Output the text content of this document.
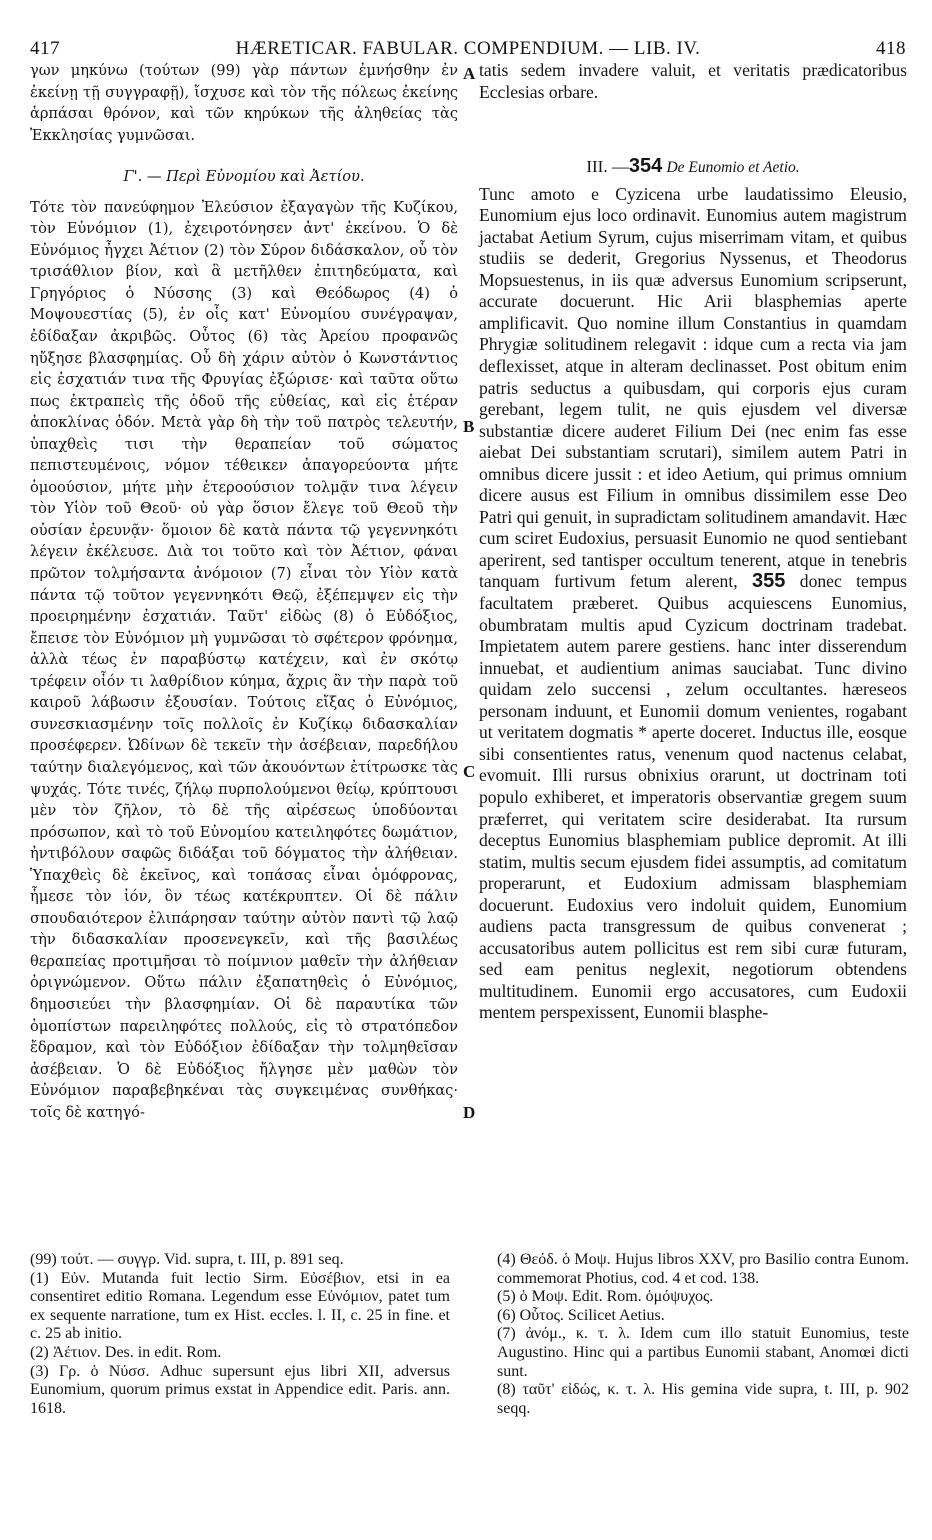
417	HÆRETICAR. FABULAR. COMPENDIUM. — LIB. IV.	418

γων μηκύνω (τούτων (99) γὰρ πάντων ἐμνήσθην ἐν ἐκείνῃ τῇ συγγραφῇ), ἴσχυσε καὶ τὸν τῆς πόλεως ἐκείνης ἁρπάσαι θρόνον, καὶ τῶν κηρύκων τῆς ἀληθείας τὰς Ἐκκλησίας γυμνῶσαι.

Γ'. — Περὶ Εὐνομίου καὶ Ἀετίου.

Τότε τὸν πανεύφημον Ἐλεύσιον ἐξαγαγὼν τῆς Κυζίκου, τὸν Εὐνόμιον (1), ἐχειροτόνησεν ἀντ' ἐκείνου. Ὁ δὲ Εὐνόμιος ἦγχει Ἀέτιον (2) τὸν Σύρον διδάσκαλον, οὗ τὸν τρισάθλιον βίον, καὶ ἃ μετῆλθεν ἐπιτηδεύματα, καὶ Γρηγόριος ὁ Νύσσης (3) καὶ Θεόδωρος (4) ὁ Μοψουεστίας (5), ἐν οἷς κατ' Εὐνομίου συνέγραψαν, ἐδίδαξαν ἀκριβῶς. Οὗτος (6) τὰς Ἀρείου προφανῶς ηὔξησε βλασφημίας. Οὗ δὴ χάριν αὐτὸν ὁ Κωνστάντιος εἰς ἐσχατιάν τινα τῆς Φρυγίας ἐξώρισε· καὶ ταῦτα οὕτω πως ἐκτραπεὶς τῆς ὁδοῦ τῆς εὐθείας, καὶ εἰς ἑτέραν ἀποκλίνας ὁδόν. Μετὰ γὰρ δὴ τὴν τοῦ πατρὸς τελευτήν, ὑπαχθεὶς τισι τὴν θεραπείαν τοῦ σώματος πεπιστευμένοις, νόμον τέθεικεν ἀπαγορεύοντα μήτε ὁμοούσιον, μήτε μὴν ἑτεροούσιον τολμᾷν τινα λέγειν τὸν Υἱὸν τοῦ Θεοῦ· οὐ γὰρ ὅσιον ἔλεγε τοῦ Θεοῦ τὴν οὐσίαν ἐρευνᾷν· ὅμοιον δὲ κατὰ πάντα τῷ γεγεννηκότι λέγειν ἐκέλευσε. Διὰ τοι τοῦτο καὶ τὸν Ἀέτιον, φάναι πρῶτον τολμήσαντα ἀνόμοιον (7) εἶναι τὸν Υἱὸν κατὰ πάντα τῷ τοῦτον γεγεννηκότι Θεῷ, ἐξέπεμψεν εἰς τὴν προειρημένην ἐσχατιάν. Ταῦτ' εἰδὼς (8) ὁ Εὐδόξιος, ἔπεισε τὸν Εὐνόμιον μὴ γυμνῶσαι τὸ σφέτερον φρόνημα, ἀλλὰ τέως ἐν παραβύστῳ κατέχειν, καὶ ἐν σκότῳ τρέφειν οἷόν τι λαθρίδιον κύημα, ἄχρις ἂν τὴν παρὰ τοῦ καιροῦ λάβωσιν ἐξουσίαν. Τούτοις εἴξας ὁ Εὐνόμιος, συνεσκιασμένην τοῖς πολλοῖς ἐν Κυζίκῳ διδασκαλίαν προσέφερεν. Ὠδίνων δὲ τεκεῖν τὴν ἀσέβειαν, παρεδήλου ταύτην διαλεγόμενος, καὶ τῶν ἀκουόντων ἐτίτρωσκε τὰς ψυχάς. Τότε τινές, ζήλῳ πυρπολούμενοι θείῳ, κρύπτουσι μὲν τὸν ζῆλον, τὸ δὲ τῆς αἱρέσεως ὑποδύονται πρόσωπον, καὶ τὸ τοῦ Εὐνομίου κατειληφότες δωμάτιον, ἠντιβόλουν σαφῶς διδάξαι τοῦ δόγματος τὴν ἀλήθειαν. Ὑπαχθεὶς δὲ ἐκεῖνος, καὶ τοπάσας εἶναι ὁμόφρονας, ἧμεσε τὸν ἰόν, ὃν τέως κατέκρυπτεν. Οἱ δὲ πάλιν σπουδαιότερον ἐλιπάρησαν ταύτην αὐτὸν παντὶ τῷ λαῷ τὴν διδασκαλίαν προσενεγκεῖν, καὶ τῆς βασιλέως θεραπείας προτιμῆσαι τὸ ποίμνιον μαθεῖν τὴν ἀλήθειαν ὀριγνώμενον. Οὕτω πάλιν ἐξαπατηθεὶς ὁ Εὐνόμιος, δημοσιεύει τὴν βλασφημίαν. Οἱ δὲ παραυτίκα τῶν ὁμοπίστων παρειληφότες πολλούς, εἰς τὸ στρατόπεδον ἔδραμον, καὶ τὸν Εὐδόξιον ἐδίδαξαν τὴν τολμηθεῖσαν ἀσέβειαν. Ὁ δὲ Εὐδόξιος ἤλγησε μὲν μαθὼν τὸν Εὐνόμιον παραβεβηκέναι τὰς συγκειμένας συνθήκας· τοῖς δὲ κατηγό-

tatis sedem invadere valuit, et veritatis prædicatoribus Ecclesias orbare.

III. —354 De Eunomio et Aetio.

Tunc amoto e Cyzicena urbe laudatissimo Eleusio, Eunomium ejus loco ordinavit. Eunomius autem magistrum jactabat Aetium Syrum, cujus miserrimam vitam, et quibus studiis se dederit, Gregorius Nyssenus, et Theodorus Mopsuestenus, in iis quæ adversus Eunomium scripserunt, accurate docuerunt. Hic Arii blasphemias aperte amplificavit. Quo nomine illum Constantius in quamdam Phrygiæ solitudinem relegavit : idque cum a recta via jam deflexisset, atque in alteram declinasset. Post obitum enim patris seductus a quibusdam, qui corporis ejus curam gerebant, legem tulit, ne quis ejusdem vel diversæ substantiæ dicere auderet Filium Dei (nec enim fas esse aiebat Dei substantiam scrutari), similem autem Patri in omnibus dicere jussit : et ideo Aetium, qui primus omnium dicere ausus est Filium in omnibus dissimilem esse Deo Patri qui genuit, in supradictam solitudinem amandavit. Hæc cum sciret Eudoxius, persuasit Eunomio ne quod sentiebant aperirent, sed tantisper occultum tenerent, atque in tenebris tanquam furtivum fetum alerent, 355 donec tempus facultatem præberet. Quibus acquiescens Eunomius, obumbratam multis apud Cyzicum doctrinam tradebat. Impietatem autem parere gestiens. hanc inter disserendum innuebat, et audientium animas sauciabat. Tunc divino quidam zelo succensi , zelum occultantes. hæreseos personam induunt, et Eunomii domum venientes, rogabant ut veritatem dogmatis * aperte doceret. Inductus ille, eosque sibi consentientes ratus, venenum quod nactenus celabat, evomuit. Illi rursus obnixius orarunt, ut doctrinam toti populo exhiberet, et imperatoris observantiæ gregem suum præferret, qui veritatem scire desiderabat. Ita rursum deceptus Eunomius blasphemiam publice depromit. At illi statim, multis secum ejusdem fidei assumptis, ad comitatum properarunt, et Eudoxium admissam blasphemiam docuerunt. Eudoxius vero indoluit quidem, Eunomium audiens pacta transgressum de quibus convenerat ; accusatoribus autem pollicitus est rem sibi curæ futuram, sed eam penitus neglexit, negotiorum obtendens multitudinem. Eunomii ergo accusatores, cum Eudoxii mentem perspexissent, Eunomii blasphe-

A
B
C
D

(99) τούτ. — συγγρ. Vid. supra, t. III, p. 891 seq.

(1) Εὐν. Mutanda fuit lectio Sirm. Εὐσέβιον, etsi in ea consentiret editio Romana. Legendum esse Εὐνόμιον, patet tum ex sequente narratione, tum ex Hist. eccles. l. II, c. 25 in fine. et c. 25 ab initio.

(2) Ἀέτιον. Des. in edit. Rom.

(3) Γρ. ὁ Νύσσ. Adhuc supersunt ejus libri XII, adversus Eunomium, quorum primus exstat in Appendice edit. Paris. ann. 1618.

(4) Θεόδ. ὁ Μοψ. Hujus libros XXV, pro Basilio contra Eunom. commemorat Photius, cod. 4 et cod. 138.

(5) ὁ Μοψ. Edit. Rom. ὁμόψυχος.

(6) Οὗτος. Scilicet Aetius.

(7) ἀνόμ., κ. τ. λ. Idem cum illo statuit Eunomius, teste Augustino. Hinc qui a partibus Eunomii stabant, Anomœi dicti sunt.

(8) ταῦτ' εἰδώς, κ. τ. λ. His gemina vide supra, t. III, p. 902 seqq.
